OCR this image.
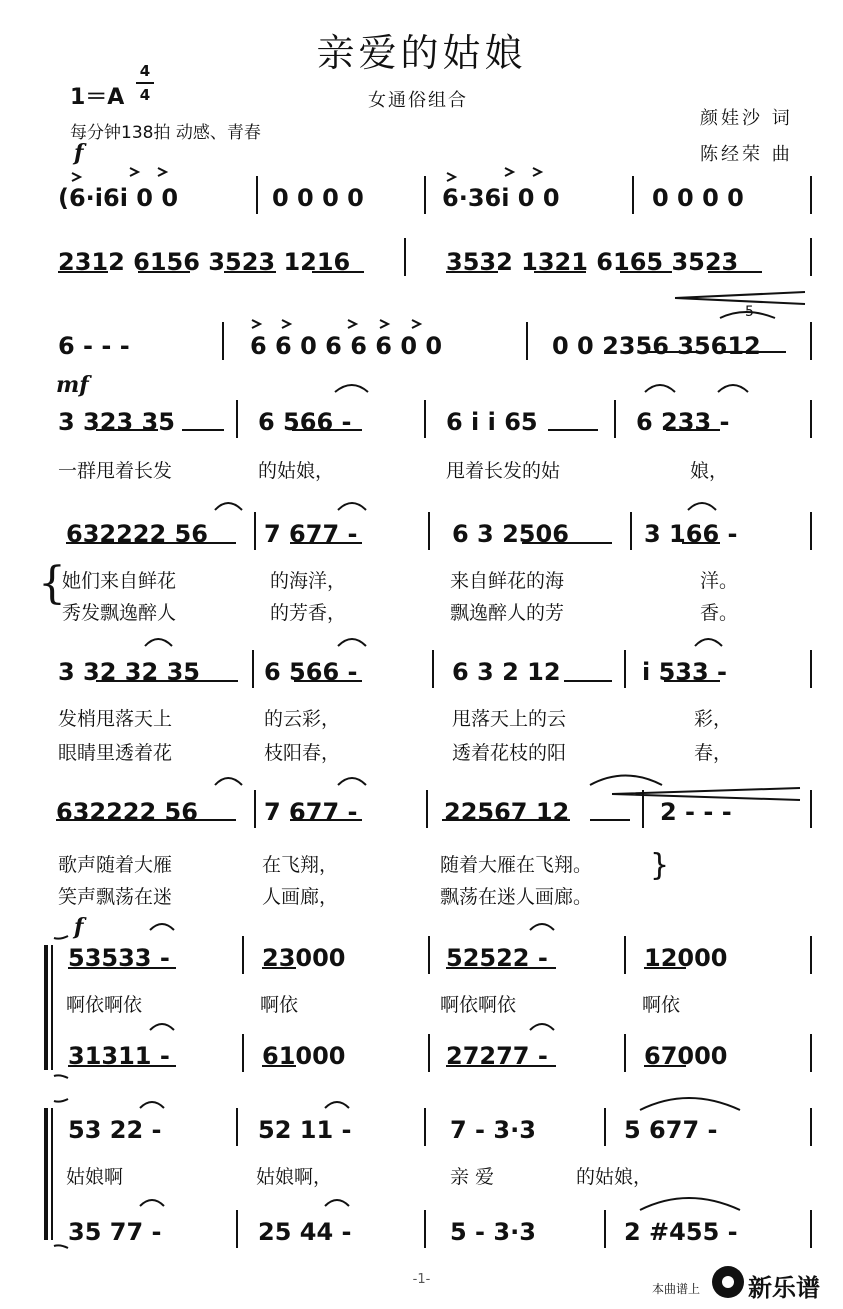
亲爱的姑娘
女通俗组合
1＝A
4
4
每分钟138拍 动感、青春
颜娃沙 词
陈经荣 曲
f
(6·i6i 0 0	0 0 0 0	6·36i 0 0	0 0 0 0
2312 6156 3523 1216	3532 1321 6165 3523
6 - - -	6 6 0 6 6 6 0 0	0 0 2356 35612
5
mf
3 323 35	6 566 -	6 i i 65	6 233 -
一群甩着长发	的姑娘，	甩着长发的姑	娘，
632222 56 7 677 -	6 3 2506	3 166 -
{
她们来自鲜花	的海洋，	来自鲜花的海	洋。
秀发飘逸醉人	的芳香，	飘逸醉人的芳	香。
3 32 32 35	6 566 -	6 3 2 12	i 533 -
发梢甩落天上	的云彩，	甩落天上的云	彩，
眼睛里透着花	枝阳春，	透着花枝的阳	春，
632222 56	7 677 -	22567 12	2 - - -
歌声随着大雁	在飞翔，	随着大雁在飞翔。
笑声飘荡在迷	人画廊，	飘荡在迷人画廊。
}
f
53533 -	23000	52522 -	12000
啊依啊依	啊依	啊依啊依	啊依
31311 -	61000	27277 -	67000
53 22 -	52 11 -	7 - 3·3	5 677 -
姑娘啊	姑娘啊，	亲 爱	的姑娘，
35 77 -	25 44 -	5 - 3·3	2 #455 -
-1-
本曲谱上 新乐谱
